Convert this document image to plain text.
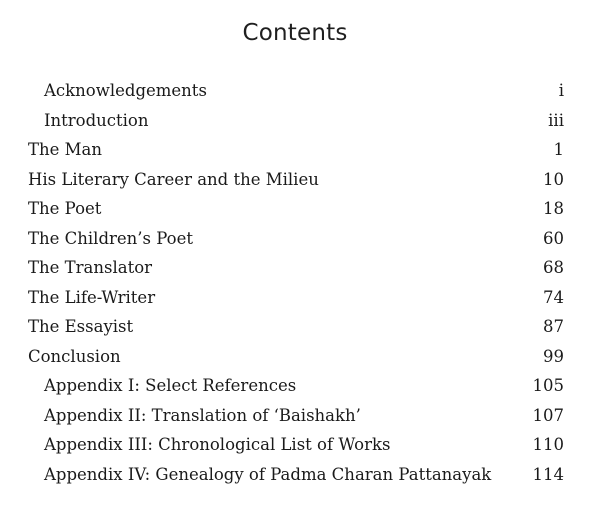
Contents
Acknowledgements	i
Introduction	iii
The Man	1
His Literary Career and the Milieu	10
The Poet	18
The Children’s Poet	60
The Translator	68
The Life-Writer	74
The Essayist	87
Conclusion	99
Appendix I: Select References	105
Appendix II: Translation of ‘Baishakh’	107
Appendix III: Chronological List of Works	110
Appendix IV: Genealogy of Padma Charan Pattanayak 114
